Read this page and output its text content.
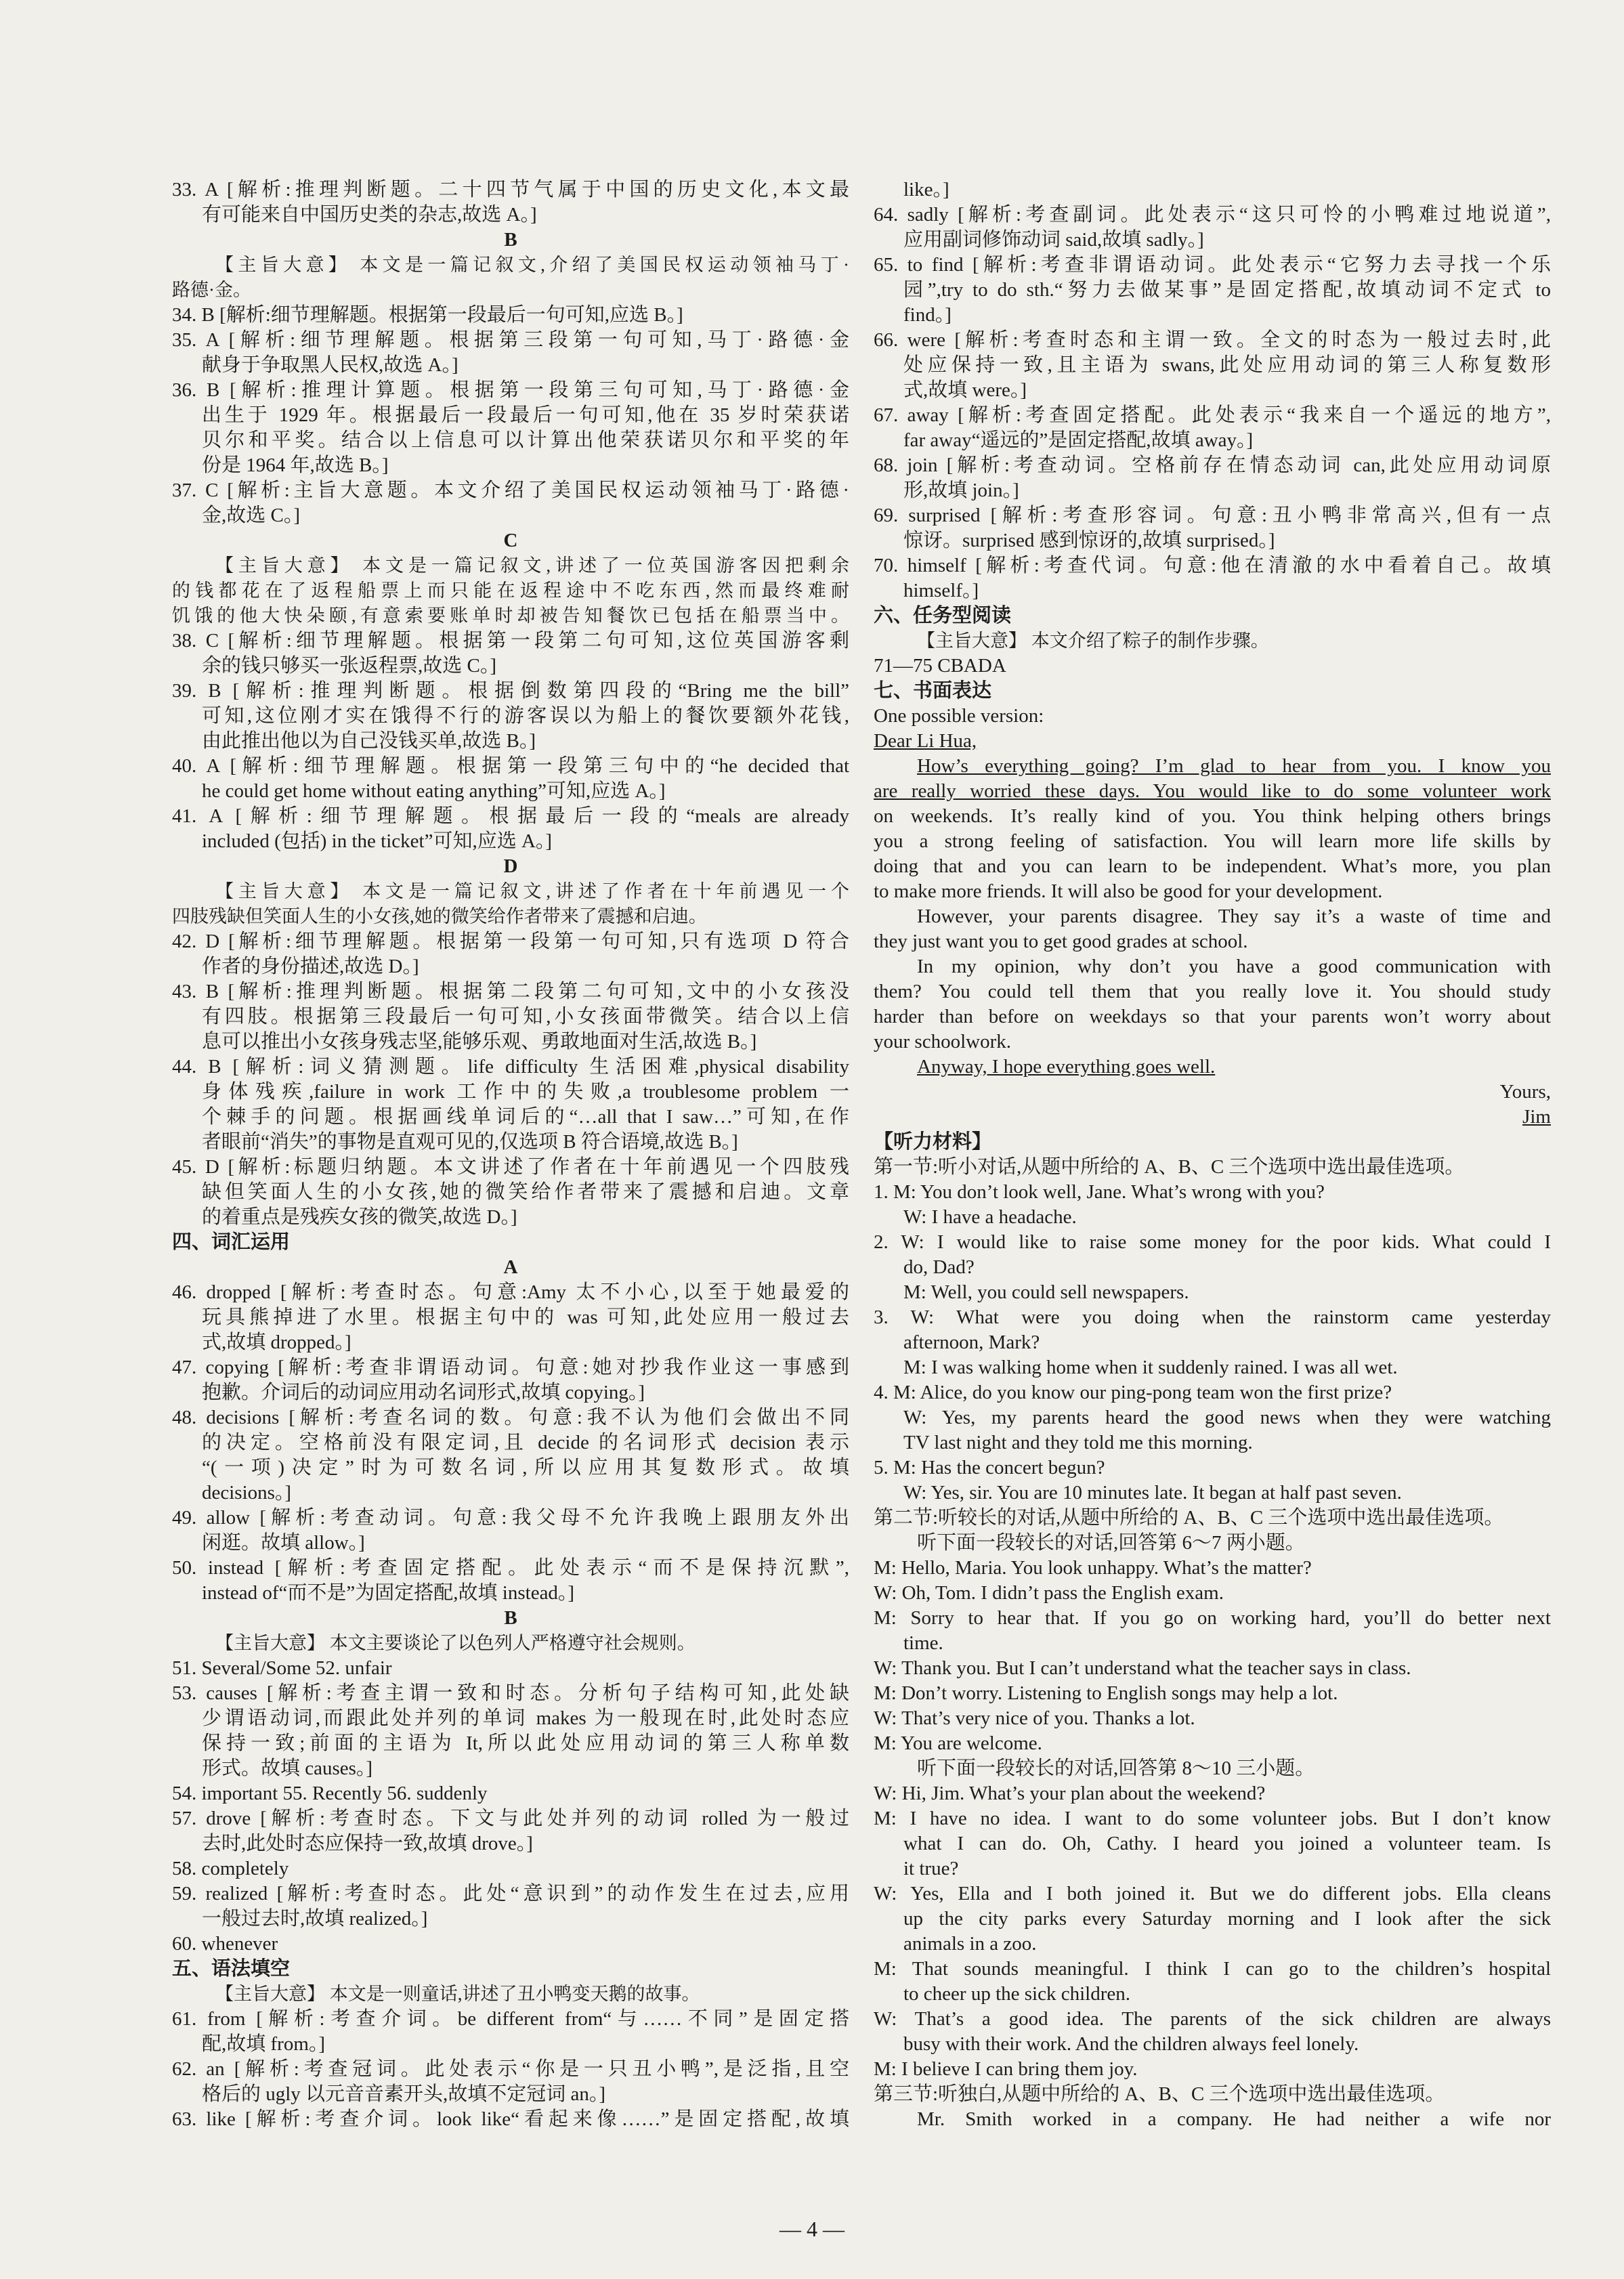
33. A [解析:推理判断题。二十四节气属于中国的历史文化,本文最
有可能来自中国历史类的杂志,故选 A。]
B
【主旨大意】 本文是一篇记叙文,介绍了美国民权运动领袖马丁·
路德·金。
34. B [解析:细节理解题。根据第一段最后一句可知,应选 B。]
35. A [解析:细节理解题。根据第三段第一句可知,马丁·路德·金
献身于争取黑人民权,故选 A。]
36. B [解析:推理计算题。根据第一段第三句可知,马丁·路德·金
出生于 1929 年。根据最后一段最后一句可知,他在 35 岁时荣获诺
贝尔和平奖。结合以上信息可以计算出他荣获诺贝尔和平奖的年
份是 1964 年,故选 B。]
37. C [解析:主旨大意题。本文介绍了美国民权运动领袖马丁·路德·
金,故选 C。]
C
【主旨大意】 本文是一篇记叙文,讲述了一位英国游客因把剩余
的钱都花在了返程船票上而只能在返程途中不吃东西,然而最终难耐
饥饿的他大快朵颐,有意索要账单时却被告知餐饮已包括在船票当中。
38. C [解析:细节理解题。根据第一段第二句可知,这位英国游客剩
余的钱只够买一张返程票,故选 C。]
39. B [解析:推理判断题。根据倒数第四段的“Bring me the bill”
可知,这位刚才实在饿得不行的游客误以为船上的餐饮要额外花钱,
由此推出他以为自己没钱买单,故选 B。]
40. A [解析:细节理解题。根据第一段第三句中的“he decided that
he could get home without eating anything”可知,应选 A。]
41. A [解析:细节理解题。根据最后一段的“meals are already
included (包括) in the ticket”可知,应选 A。]
D
【主旨大意】 本文是一篇记叙文,讲述了作者在十年前遇见一个
四肢残缺但笑面人生的小女孩,她的微笑给作者带来了震撼和启迪。
42. D [解析:细节理解题。根据第一段第一句可知,只有选项 D 符合
作者的身份描述,故选 D。]
43. B [解析:推理判断题。根据第二段第二句可知,文中的小女孩没
有四肢。根据第三段最后一句可知,小女孩面带微笑。结合以上信
息可以推出小女孩身残志坚,能够乐观、勇敢地面对生活,故选 B。]
44. B [解析:词义猜测题。life difficulty 生活困难,physical disability
身体残疾,failure in work 工作中的失败,a troublesome problem 一
个棘手的问题。根据画线单词后的“…all that I saw…”可知,在作
者眼前“消失”的事物是直观可见的,仅选项 B 符合语境,故选 B。]
45. D [解析:标题归纳题。本文讲述了作者在十年前遇见一个四肢残
缺但笑面人生的小女孩,她的微笑给作者带来了震撼和启迪。文章
的着重点是残疾女孩的微笑,故选 D。]
四、词汇运用
A
46. dropped [解析:考查时态。句意:Amy 太不小心,以至于她最爱的
玩具熊掉进了水里。根据主句中的 was 可知,此处应用一般过去
式,故填 dropped。]
47. copying [解析:考查非谓语动词。句意:她对抄我作业这一事感到
抱歉。介词后的动词应用动名词形式,故填 copying。]
48. decisions [解析:考查名词的数。句意:我不认为他们会做出不同
的决定。空格前没有限定词,且 decide 的名词形式 decision 表示
“(一项)决定”时为可数名词,所以应用其复数形式。故填
decisions。]
49. allow [解析:考查动词。句意:我父母不允许我晚上跟朋友外出
闲逛。故填 allow。]
50. instead [解析:考查固定搭配。此处表示“而不是保持沉默”,
instead of“而不是”为固定搭配,故填 instead。]
B
【主旨大意】 本文主要谈论了以色列人严格遵守社会规则。
51. Several/Some 52. unfair
53. causes [解析:考查主谓一致和时态。分析句子结构可知,此处缺
少谓语动词,而跟此处并列的单词 makes 为一般现在时,此处时态应
保持一致;前面的主语为 It,所以此处应用动词的第三人称单数
形式。故填 causes。]
54. important 55. Recently 56. suddenly
57. drove [解析:考查时态。下文与此处并列的动词 rolled 为一般过
去时,此处时态应保持一致,故填 drove。]
58. completely
59. realized [解析:考查时态。此处“意识到”的动作发生在过去,应用
一般过去时,故填 realized。]
60. whenever
五、语法填空
【主旨大意】 本文是一则童话,讲述了丑小鸭变天鹅的故事。
61. from [解析:考查介词。be different from“与……不同”是固定搭
配,故填 from。]
62. an [解析:考查冠词。此处表示“你是一只丑小鸭”,是泛指,且空
格后的 ugly 以元音音素开头,故填不定冠词 an。]
63. like [解析:考查介词。look like“看起来像……”是固定搭配,故填
like。]
64. sadly [解析:考查副词。此处表示“这只可怜的小鸭难过地说道”,
应用副词修饰动词 said,故填 sadly。]
65. to find [解析:考查非谓语动词。此处表示“它努力去寻找一个乐
园”,try to do sth.“努力去做某事”是固定搭配,故填动词不定式 to
find。]
66. were [解析:考查时态和主谓一致。全文的时态为一般过去时,此
处应保持一致,且主语为 swans,此处应用动词的第三人称复数形
式,故填 were。]
67. away [解析:考查固定搭配。此处表示“我来自一个遥远的地方”,
far away“遥远的”是固定搭配,故填 away。]
68. join [解析:考查动词。空格前存在情态动词 can,此处应用动词原
形,故填 join。]
69. surprised [解析:考查形容词。句意:丑小鸭非常高兴,但有一点
惊讶。surprised 感到惊讶的,故填 surprised。]
70. himself [解析:考查代词。句意:他在清澈的水中看着自己。故填
himself。]
六、任务型阅读
【主旨大意】 本文介绍了粽子的制作步骤。
71—75 CBADA
七、书面表达
One possible version:
Dear Li Hua,
How’s everything going? I’m glad to hear from you. I know you
are really worried these days. You would like to do some volunteer work
on weekends. It’s really kind of you. You think helping others brings
you a strong feeling of satisfaction. You will learn more life skills by
doing that and you can learn to be independent. What’s more, you plan
to make more friends. It will also be good for your development.
However, your parents disagree. They say it’s a waste of time and
they just want you to get good grades at school.
In my opinion, why don’t you have a good communication with
them? You could tell them that you really love it. You should study
harder than before on weekdays so that your parents won’t worry about
your schoolwork.
Anyway, I hope everything goes well.
Yours,
Jim
【听力材料】
第一节:听小对话,从题中所给的 A、B、C 三个选项中选出最佳选项。
1. M: You don’t look well, Jane. What’s wrong with you?
W: I have a headache.
2. W: I would like to raise some money for the poor kids. What could I
do, Dad?
M: Well, you could sell newspapers.
3. W: What were you doing when the rainstorm came yesterday
afternoon, Mark?
M: I was walking home when it suddenly rained. I was all wet.
4. M: Alice, do you know our ping-pong team won the first prize?
W: Yes, my parents heard the good news when they were watching
TV last night and they told me this morning.
5. M: Has the concert begun?
W: Yes, sir. You are 10 minutes late. It began at half past seven.
第二节:听较长的对话,从题中所给的 A、B、C 三个选项中选出最佳选项。
听下面一段较长的对话,回答第 6～7 两小题。
M: Hello, Maria. You look unhappy. What’s the matter?
W: Oh, Tom. I didn’t pass the English exam.
M: Sorry to hear that. If you go on working hard, you’ll do better next
time.
W: Thank you. But I can’t understand what the teacher says in class.
M: Don’t worry. Listening to English songs may help a lot.
W: That’s very nice of you. Thanks a lot.
M: You are welcome.
听下面一段较长的对话,回答第 8～10 三小题。
W: Hi, Jim. What’s your plan about the weekend?
M: I have no idea. I want to do some volunteer jobs. But I don’t know
what I can do. Oh, Cathy. I heard you joined a volunteer team. Is
it true?
W: Yes, Ella and I both joined it. But we do different jobs. Ella cleans
up the city parks every Saturday morning and I look after the sick
animals in a zoo.
M: That sounds meaningful. I think I can go to the children’s hospital
to cheer up the sick children.
W: That’s a good idea. The parents of the sick children are always
busy with their work. And the children always feel lonely.
M: I believe I can bring them joy.
第三节:听独白,从题中所给的 A、B、C 三个选项中选出最佳选项。
Mr. Smith worked in a company. He had neither a wife nor
— 4 —
